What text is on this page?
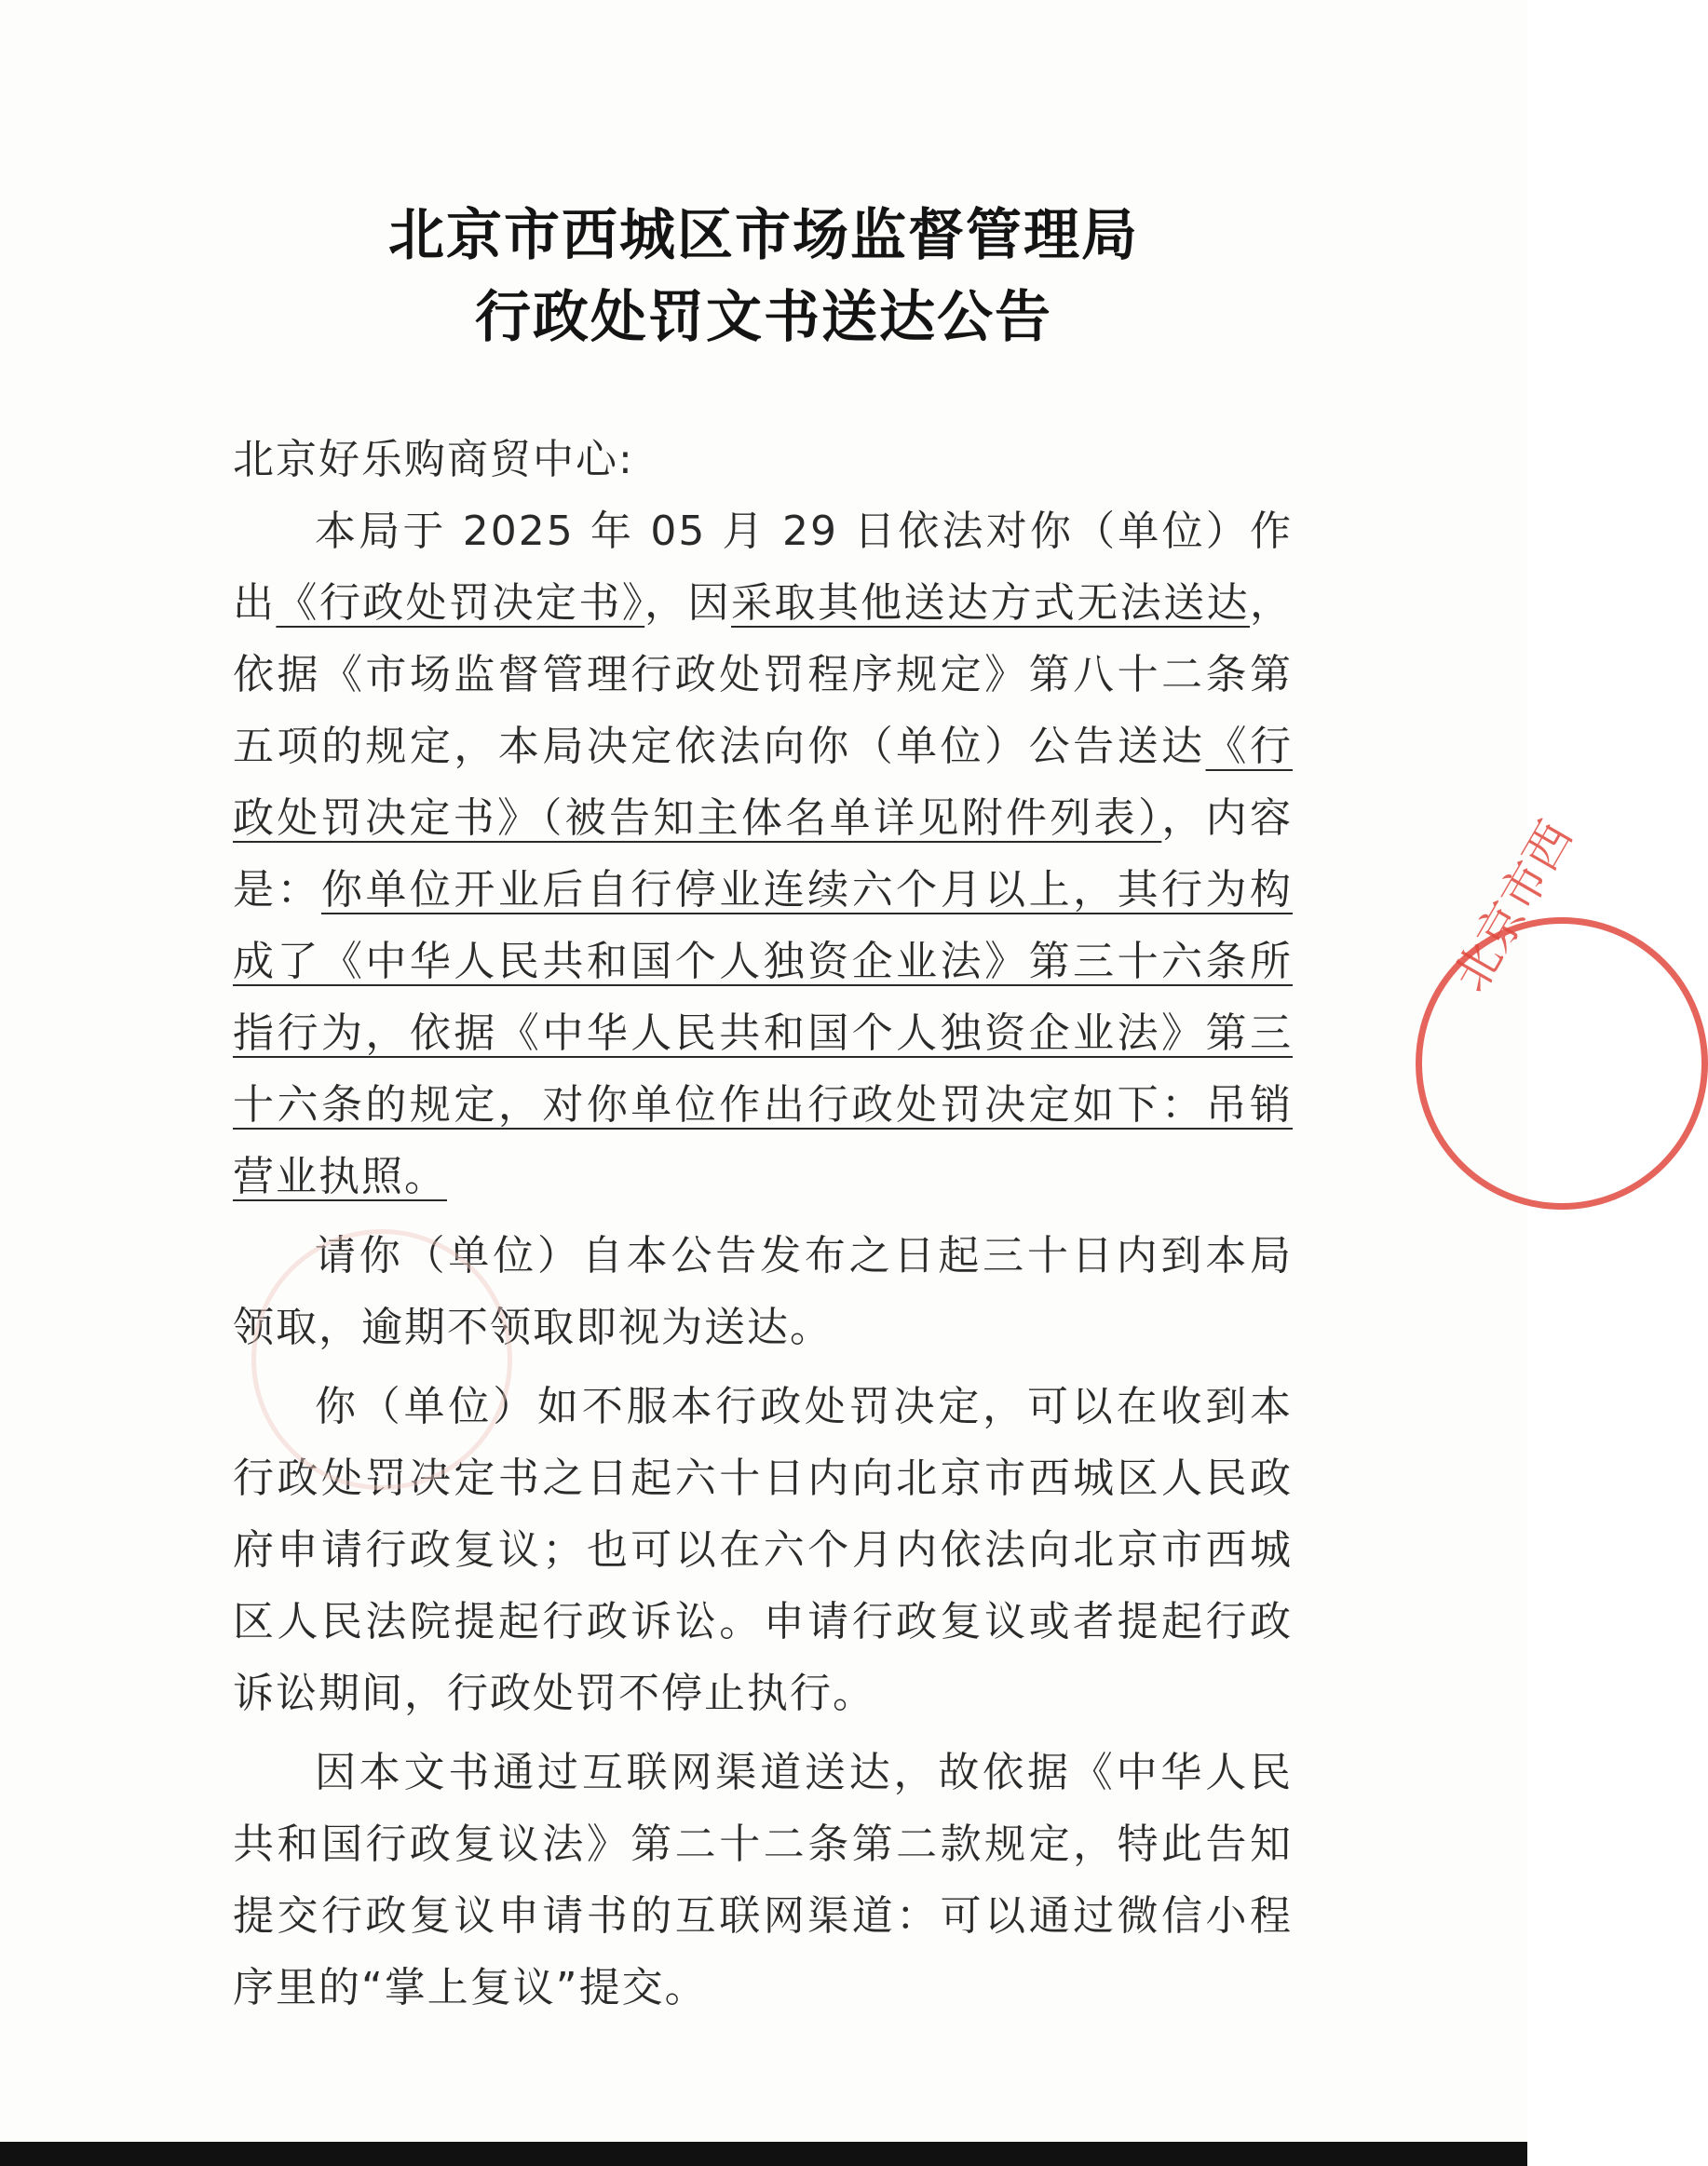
北京市西城区市场监督管理局
行政处罚文书送达公告

北京好乐购商贸中心:

本局于 2025 年 05 月 29 日依法对你（单位）作出《行政处罚决定书》，因采取其他送达方式无法送达，依据《市场监督管理行政处罚程序规定》第八十二条第五项的规定，本局决定依法向你（单位）公告送达《行政处罚决定书》（被告知主体名单详见附件列表），内容是：你单位开业后自行停业连续六个月以上，其行为构成了《中华人民共和国个人独资企业法》第三十六条所指行为，依据《中华人民共和国个人独资企业法》第三十六条的规定，对你单位作出行政处罚决定如下：吊销营业执照。

请你（单位）自本公告发布之日起三十日内到本局领取，逾期不领取即视为送达。

你（单位）如不服本行政处罚决定，可以在收到本行政处罚决定书之日起六十日内向北京市西城区人民政府申请行政复议；也可以在六个月内依法向北京市西城区人民法院提起行政诉讼。申请行政复议或者提起行政诉讼期间，行政处罚不停止执行。

因本文书通过互联网渠道送达，故依据《中华人民共和国行政复议法》第二十二条第二款规定，特此告知提交行政复议申请书的互联网渠道：可以通过微信小程序里的“掌上复议”提交。

北京市西
